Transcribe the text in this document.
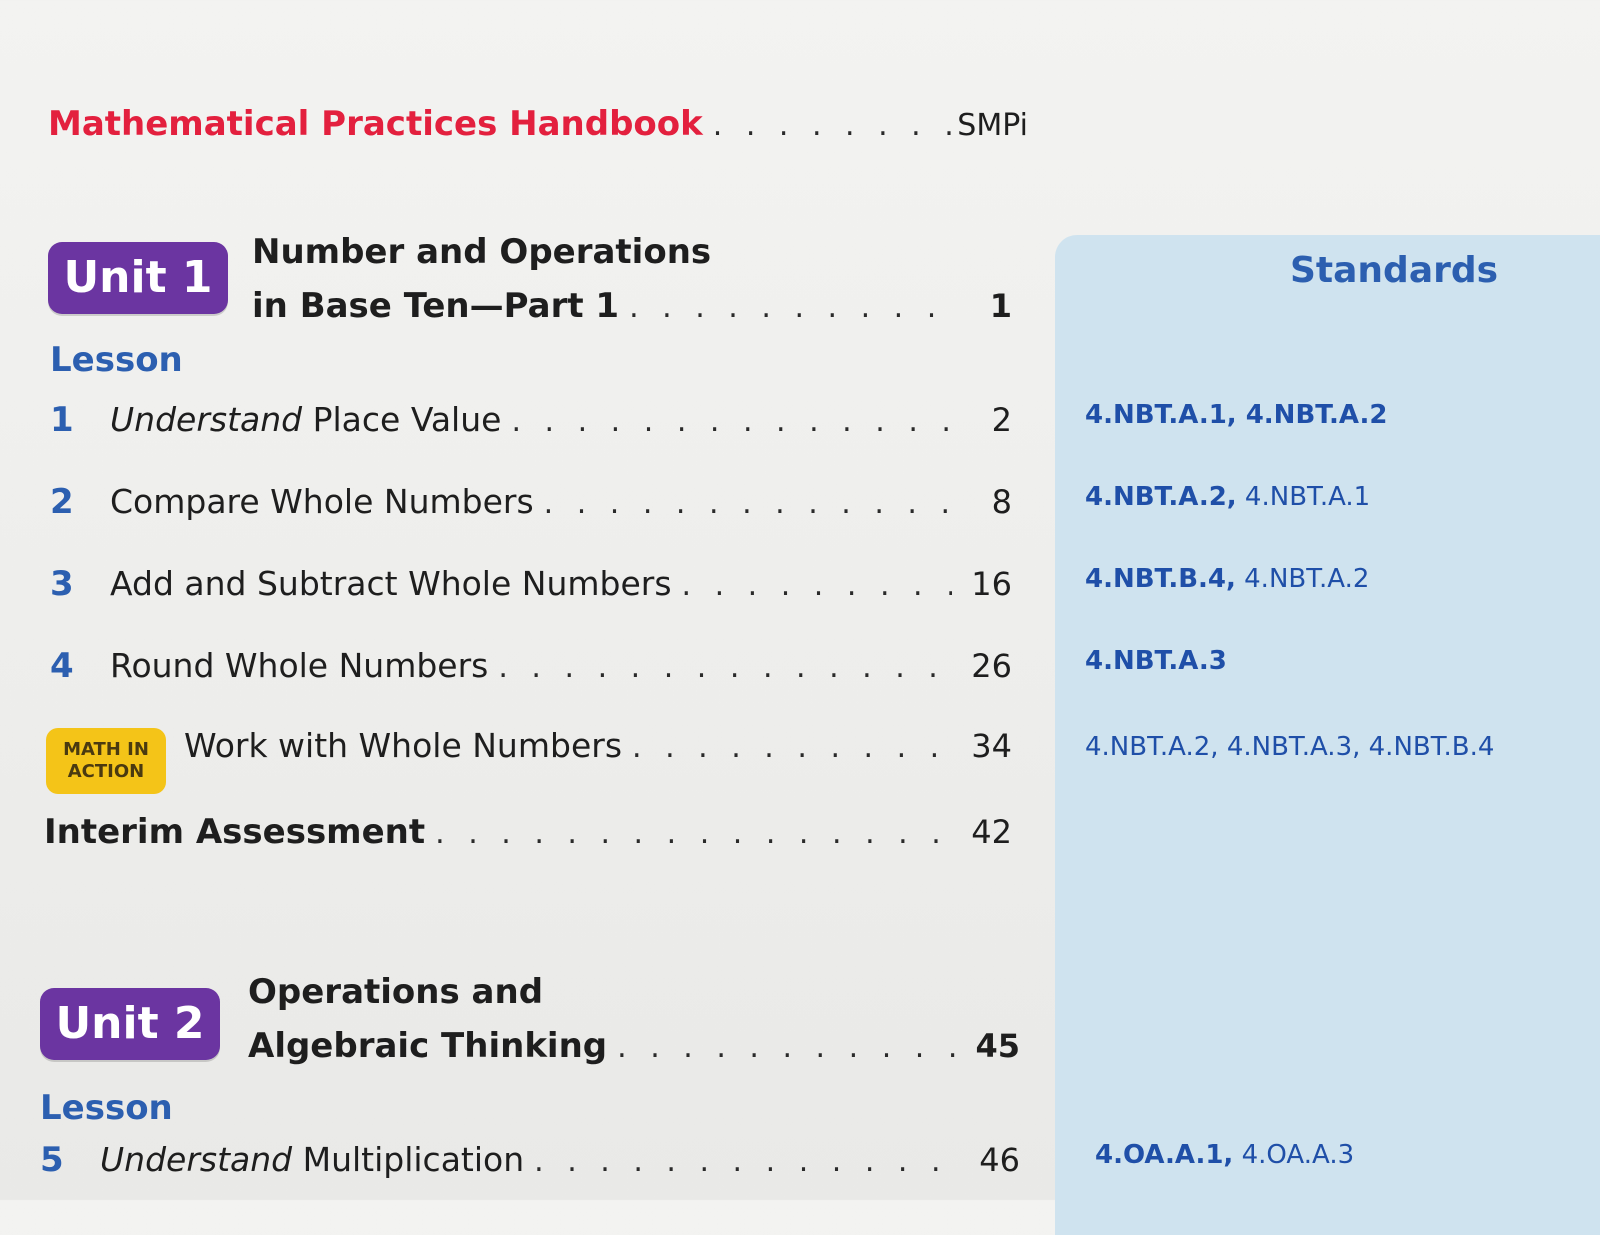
Standards
Mathematical Practices Handbook . . .	SMPi
Unit 1	Number and Operations
in Base Ten—Part 1 . . .	1
Lesson
1	Understand Place Value . . .	2	4.NBT.A.1, 4.NBT.A.2
2	Compare Whole Numbers . . .	8	4.NBT.A.2, 4.NBT.A.1
3	Add and Subtract Whole Numbers . . .	16	4.NBT.B.4, 4.NBT.A.2
4	Round Whole Numbers . . .	26	4.NBT.A.3
MATH IN
ACTION
Work with Whole Numbers . . .	34	4.NBT.A.2, 4.NBT.A.3, 4.NBT.B.4
Interim Assessment . . .	42
Unit 2
Operations and
Algebraic Thinking . . .	45
Lesson
5	Understand Multiplication . . .	46	4.OA.A.1, 4.OA.A.3
